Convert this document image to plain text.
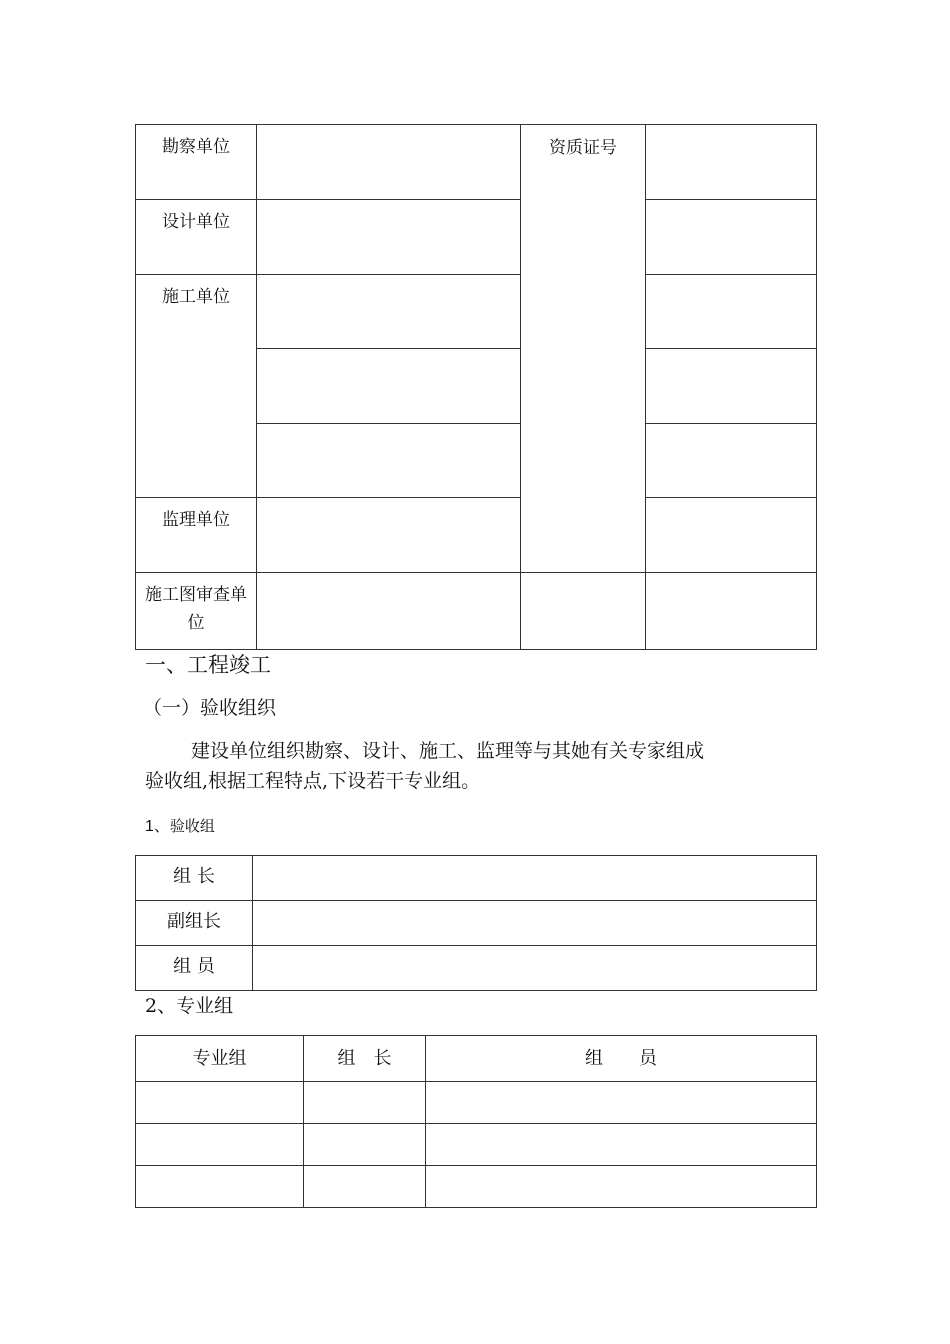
勘察单位		资质证号	
设计单位			
施工单位			

监理单位			
施工图审查单位			
一、工程竣工
（一）验收组织
建设单位组织勘察、设计、施工、监理等与其她有关专家组成
验收组,根据工程特点,下设若干专业组。
1、验收组
组 长	
副组长	
组 员	
2、专业组
专业组	组　长	组　　员
